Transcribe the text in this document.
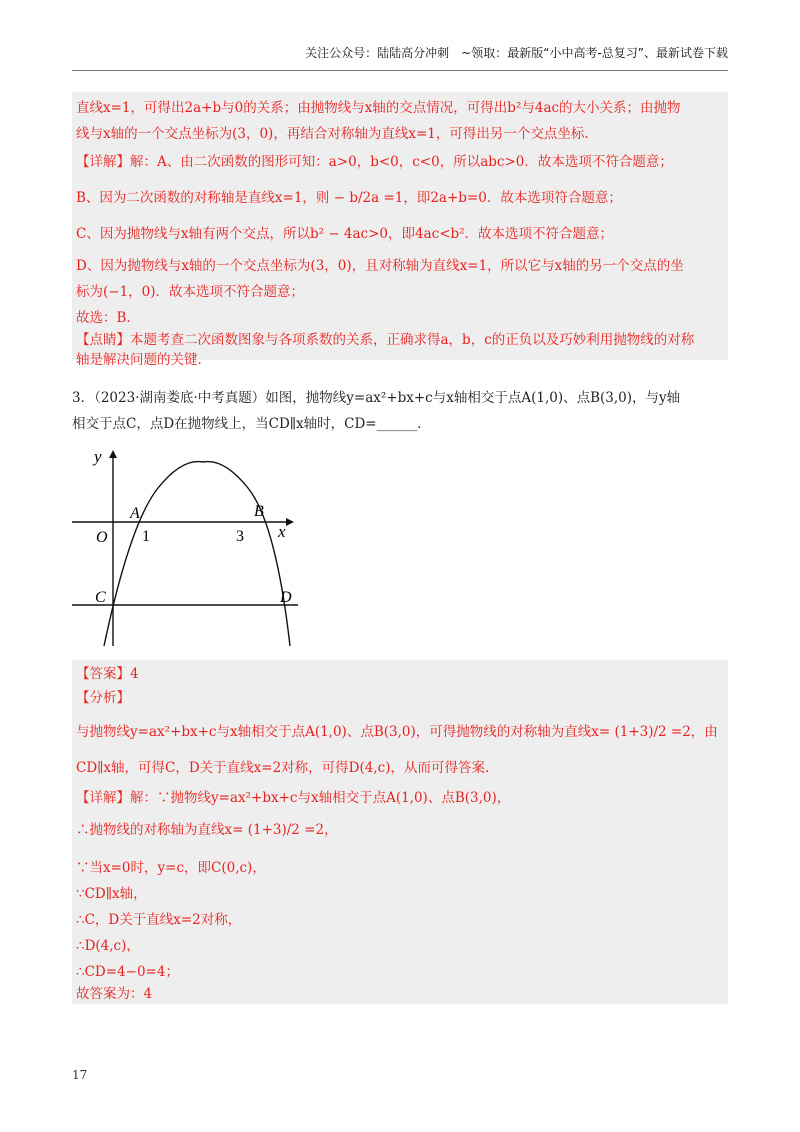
关注公众号：陆陆高分冲刺　~领取：最新版“小中高考-总复习”、最新试卷下载
直线x=1，可得出2a+b与0的关系；由抛物线与x轴的交点情况，可得出b²与4ac的大小关系；由抛物
线与x轴的一个交点坐标为(3，0)，再结合对称轴为直线x=1，可得出另一个交点坐标.
【详解】解：A、由二次函数的图形可知：a>0，b<0，c<0，所以abc>0．故本选项不符合题意；
B、因为二次函数的对称轴是直线x=1，则 − b/2a =1，即2a+b=0．故本选项符合题意；
C、因为抛物线与x轴有两个交点，所以b² − 4ac>0，即4ac<b²．故本选项不符合题意；
D、因为抛物线与x轴的一个交点坐标为(3，0)，且对称轴为直线x=1，所以它与x轴的另一个交点的坐
标为(−1，0)．故本选项不符合题意；
故选：B．
【点睛】本题考查二次函数图象与各项系数的关系，正确求得a，b，c的正负以及巧妙利用抛物线的对称
轴是解决问题的关键.
3．（2023·湖南娄底·中考真题）如图，抛物线y=ax²+bx+c与x轴相交于点A(1,0)、点B(3,0)，与y轴
相交于点C，点D在抛物线上，当CD∥x轴时，CD=______.
y
x
O
A	B
1	3
C	D
【答案】4
【分析】
与抛物线y=ax²+bx+c与x轴相交于点A(1,0)、点B(3,0)，可得抛物线的对称轴为直线x= (1+3)/2 =2，由
CD∥x轴，可得C，D关于直线x=2对称，可得D(4,c)，从而可得答案.
【详解】解：∵抛物线y=ax²+bx+c与x轴相交于点A(1,0)、点B(3,0)，
∴抛物线的对称轴为直线x= (1+3)/2 =2，
∵当x=0时，y=c，即C(0,c)，
∵CD∥x轴，
∴C，D关于直线x=2对称，
∴D(4,c)，
∴CD=4−0=4；
故答案为：4
17
